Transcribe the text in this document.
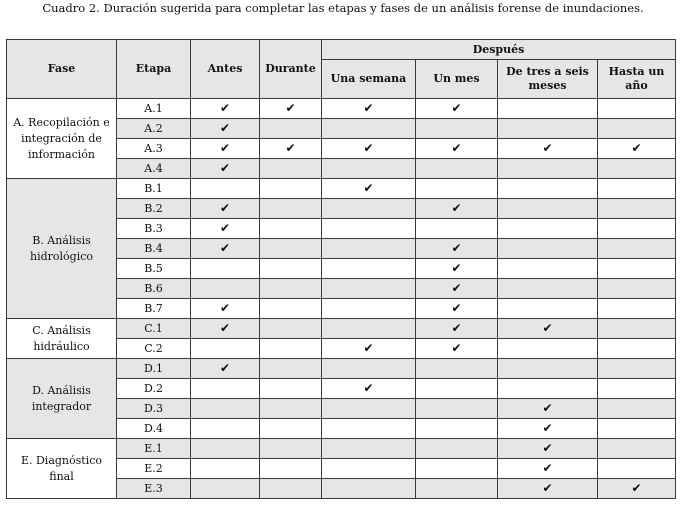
Cuadro 2. Duración sugerida para completar las etapas y fases de un análisis forense de inundaciones.
Fase	Etapa	Antes	Durante	Después			
				Una semana	Un mes	De tres a seis meses	Hasta un año
A. Recopilación e integración de información	A.1	✔	✔	✔	✔		
	A.2	✔					
	A.3	✔	✔	✔	✔	✔	✔
	A.4	✔					
B. Análisis hidrológico	B.1			✔			
	B.2	✔			✔		
	B.3	✔					
	B.4	✔			✔		
	B.5				✔		
	B.6				✔		
	B.7	✔			✔		
C. Análisis hidráulico	C.1	✔			✔	✔	
	C.2			✔	✔		
D. Análisis integrador	D.1	✔					
	D.2			✔			
	D.3					✔	
	D.4					✔	
E. Diagnóstico final	E.1					✔	
	E.2					✔	
	E.3					✔	✔
